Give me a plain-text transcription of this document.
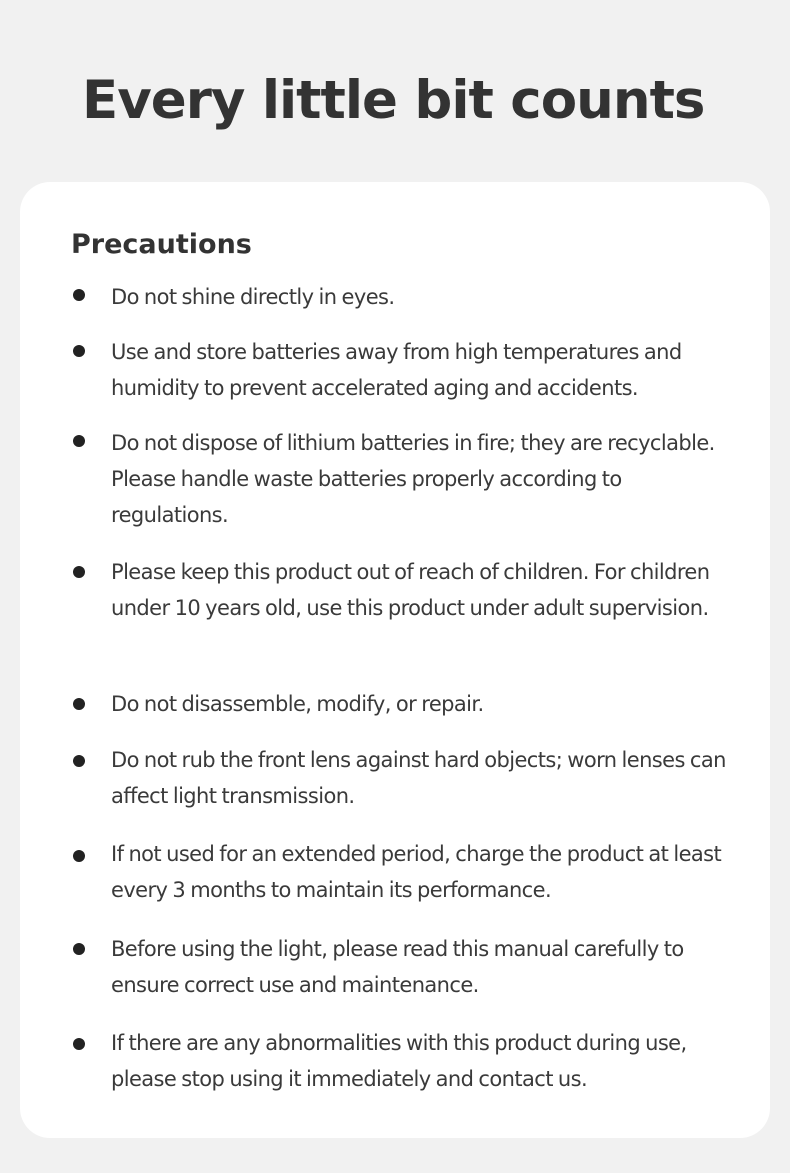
Every little bit counts
Precautions
Do not shine directly in eyes.
Use and store batteries away from high temperatures and humidity to prevent accelerated aging and accidents.
Do not dispose of lithium batteries in fire; they are recyclable. Please handle waste batteries properly according to regulations.
Please keep this product out of reach of children. For children under 10 years old, use this product under adult supervision.
Do not disassemble, modify, or repair.
Do not rub the front lens against hard objects; worn lenses can affect light transmission.
If not used for an extended period, charge the product at least every 3 months to maintain its performance.
Before using the light, please read this manual carefully to ensure correct use and maintenance.
If there are any abnormalities with this product during use, please stop using it immediately and contact us.
